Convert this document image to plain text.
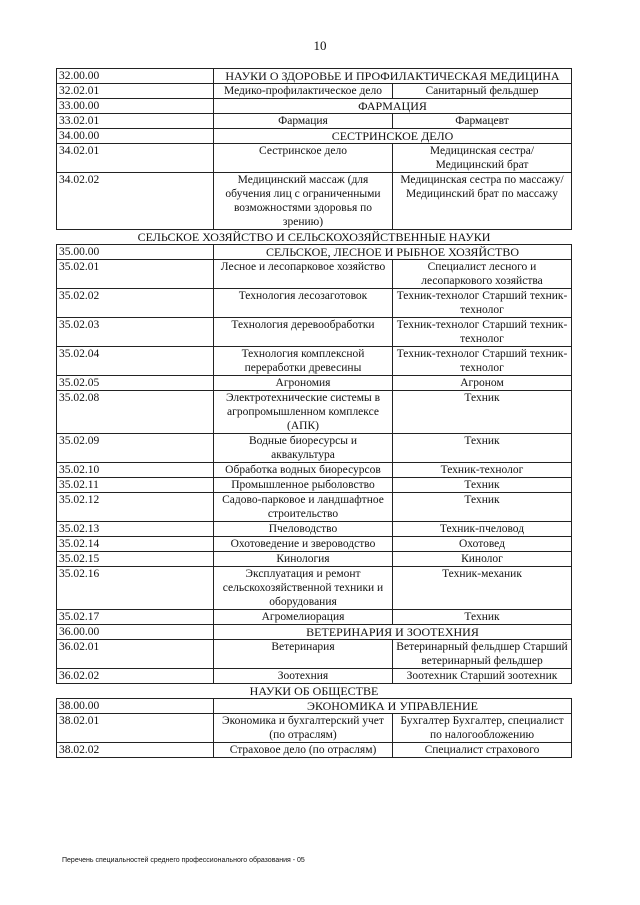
10
32.00.00	НАУКИ О ЗДОРОВЬЕ И ПРОФИЛАКТИЧЕСКАЯ МЕДИЦИНА	
32.02.01	Медико-профилактическое дело	Санитарный фельдшер
33.00.00	ФАРМАЦИЯ	
33.02.01	Фармация	Фармацевт
34.00.00	СЕСТРИНСКОЕ ДЕЛО	
34.02.01	Сестринское дело	Медицинская сестра/ Медицинский брат
34.02.02	Медицинский массаж (для обучения лиц с ограниченными возможностями здоровья по зрению)	Медицинская сестра по массажу/ Медицинский брат по массажу
СЕЛЬСКОЕ ХОЗЯЙСТВО И СЕЛЬСКОХОЗЯЙСТВЕННЫЕ НАУКИ		
35.00.00	СЕЛЬСКОЕ, ЛЕСНОЕ И РЫБНОЕ ХОЗЯЙСТВО	
35.02.01	Лесное и лесопарковое хозяйство	Специалист лесного и лесопаркового хозяйства
35.02.02	Технология лесозаготовок	Техник-технолог Старший техник-технолог
35.02.03	Технология деревообработки	Техник-технолог Старший техник-технолог
35.02.04	Технология комплексной переработки древесины	Техник-технолог Старший техник-технолог
35.02.05	Агрономия	Агроном
35.02.08	Электротехнические системы в агропромышленном комплексе (АПК)	Техник
35.02.09	Водные биоресурсы и аквакультура	Техник
35.02.10	Обработка водных биоресурсов	Техник-технолог
35.02.11	Промышленное рыболовство	Техник
35.02.12	Садово-парковое и ландшафтное строительство	Техник
35.02.13	Пчеловодство	Техник-пчеловод
35.02.14	Охотоведение и звероводство	Охотовед
35.02.15	Кинология	Кинолог
35.02.16	Эксплуатация и ремонт сельскохозяйственной техники и оборудования	Техник-механик
35.02.17	Агромелиорация	Техник
36.00.00	ВЕТЕРИНАРИЯ И ЗООТЕХНИЯ	
36.02.01	Ветеринария	Ветеринарный фельдшер Старший ветеринарный фельдшер
36.02.02	Зоотехния	Зоотехник Старший зоотехник
НАУКИ ОБ ОБЩЕСТВЕ		
38.00.00	ЭКОНОМИКА И УПРАВЛЕНИЕ	
38.02.01	Экономика и бухгалтерский учет (по отраслям)	Бухгалтер Бухгалтер, специалист по налогообложению
38.02.02	Страховое дело (по отраслям)	Специалист страхового
Перечень специальностей среднего профессионального образования - 05
